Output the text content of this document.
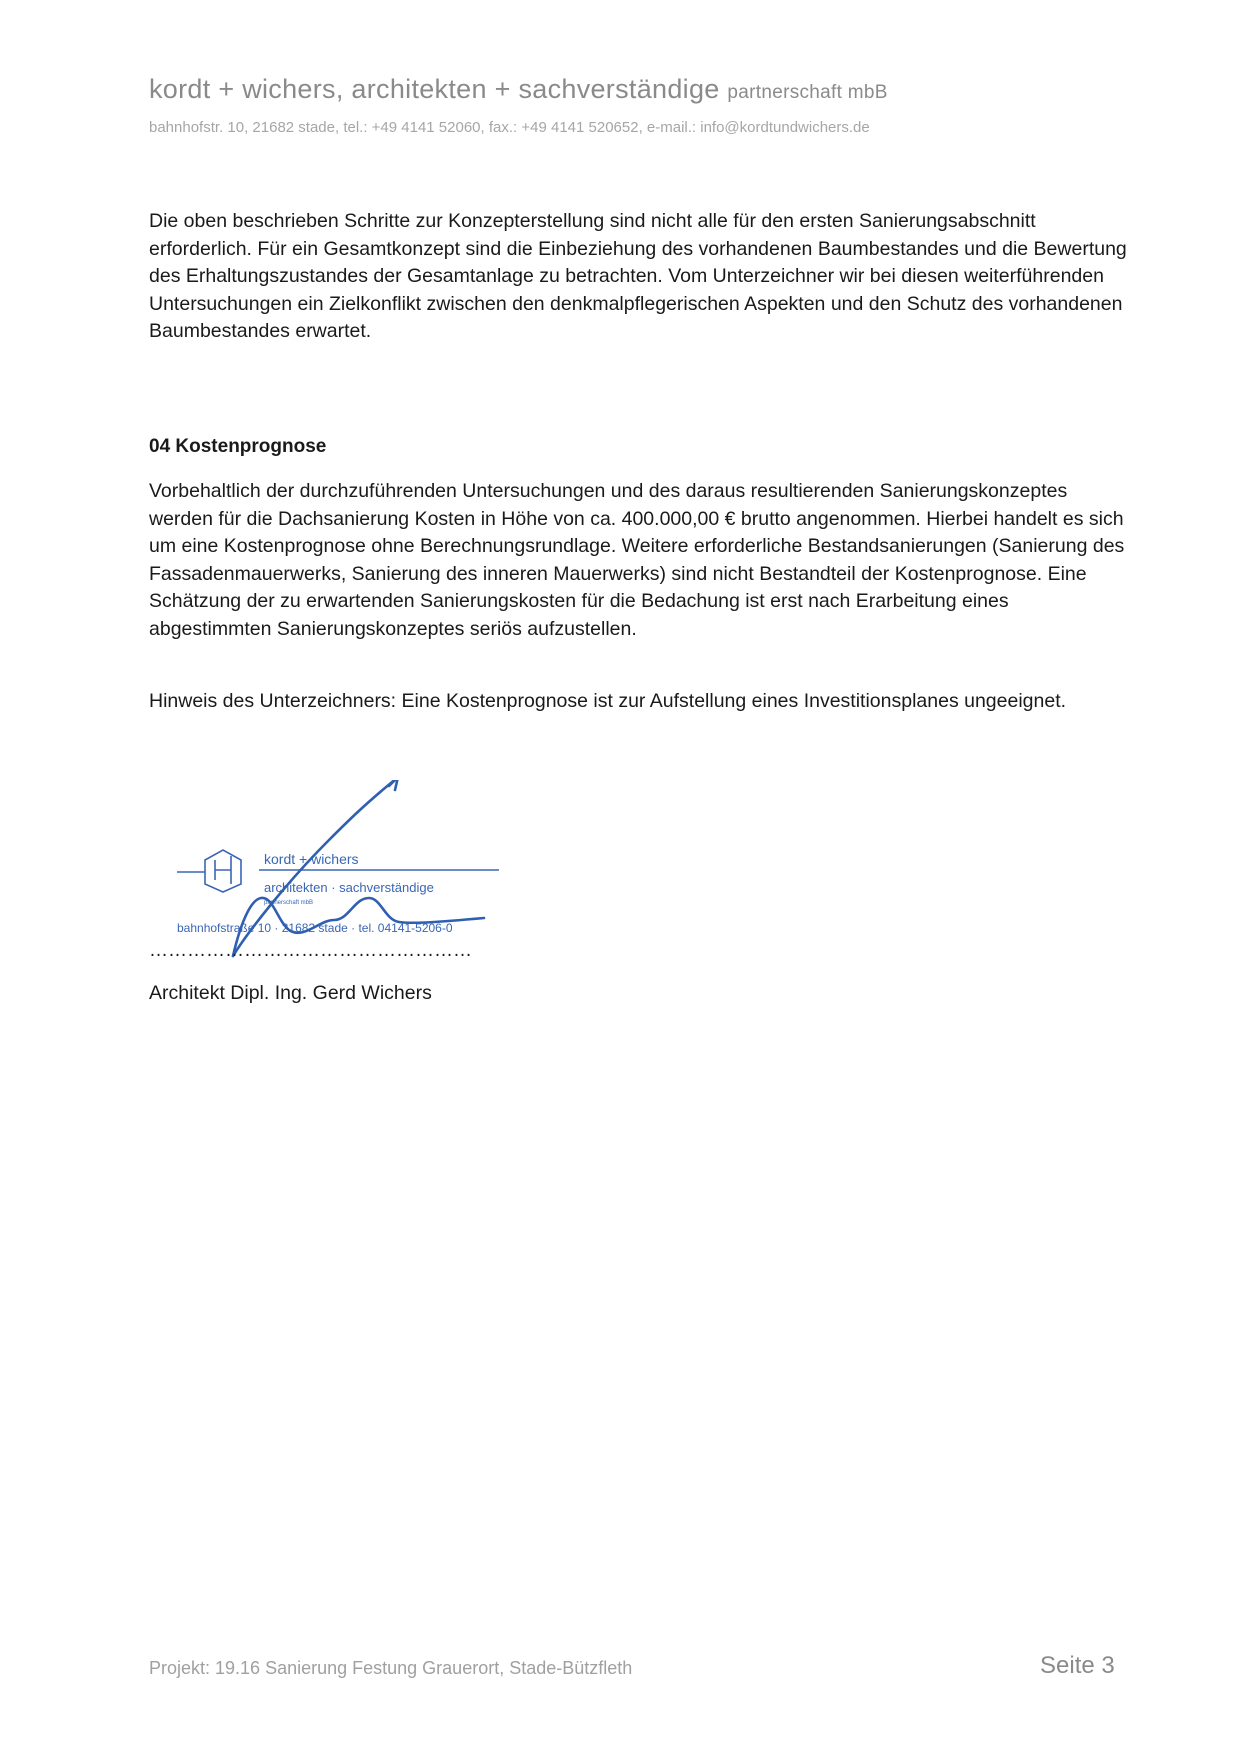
kordt + wichers, architekten + sachverständige partnerschaft mbB
bahnhofstr. 10, 21682 stade, tel.: +49 4141 52060, fax.: +49 4141 520652, e-mail.: info@kordtundwichers.de

Die oben beschrieben Schritte zur Konzepterstellung sind nicht alle für den ersten Sanierungsabschnitt erforderlich. Für ein Gesamtkonzept sind die Einbeziehung des vorhandenen Baumbestandes und die Bewertung des Erhaltungszustandes der Gesamtanlage zu betrachten. Vom Unterzeichner wir bei diesen weiterführenden Untersuchungen ein Zielkonflikt zwischen den denkmalpflegerischen Aspekten und den Schutz des vorhandenen Baumbestandes erwartet.

04 Kostenprognose

Vorbehaltlich der durchzuführenden Untersuchungen und des daraus resultierenden Sanierungskonzeptes werden für die Dachsanierung Kosten in Höhe von ca. 400.000,00 € brutto angenommen. Hierbei handelt es sich um eine Kostenprognose ohne Berechnungsrundlage. Weitere erforderliche Bestandsanierungen (Sanierung des Fassadenmauerwerks, Sanierung des inneren Mauerwerks) sind nicht Bestandteil der Kostenprognose. Eine Schätzung der zu erwartenden Sanierungskosten für die Bedachung ist erst nach Erarbeitung eines abgestimmten Sanierungskonzeptes seriös aufzustellen.

Hinweis des Unterzeichners: Eine Kostenprognose ist zur Aufstellung eines Investitionsplanes ungeeignet.

kordt + wichers
architekten · sachverständige
partnerschaft mbB
bahnhofstraße 10 · 21682 stade · tel. 04141-5206-0
……………………………………………
Architekt Dipl. Ing. Gerd Wichers
Projekt: 19.16 Sanierung Festung Grauerort, Stade-Bützfleth	Seite 3
